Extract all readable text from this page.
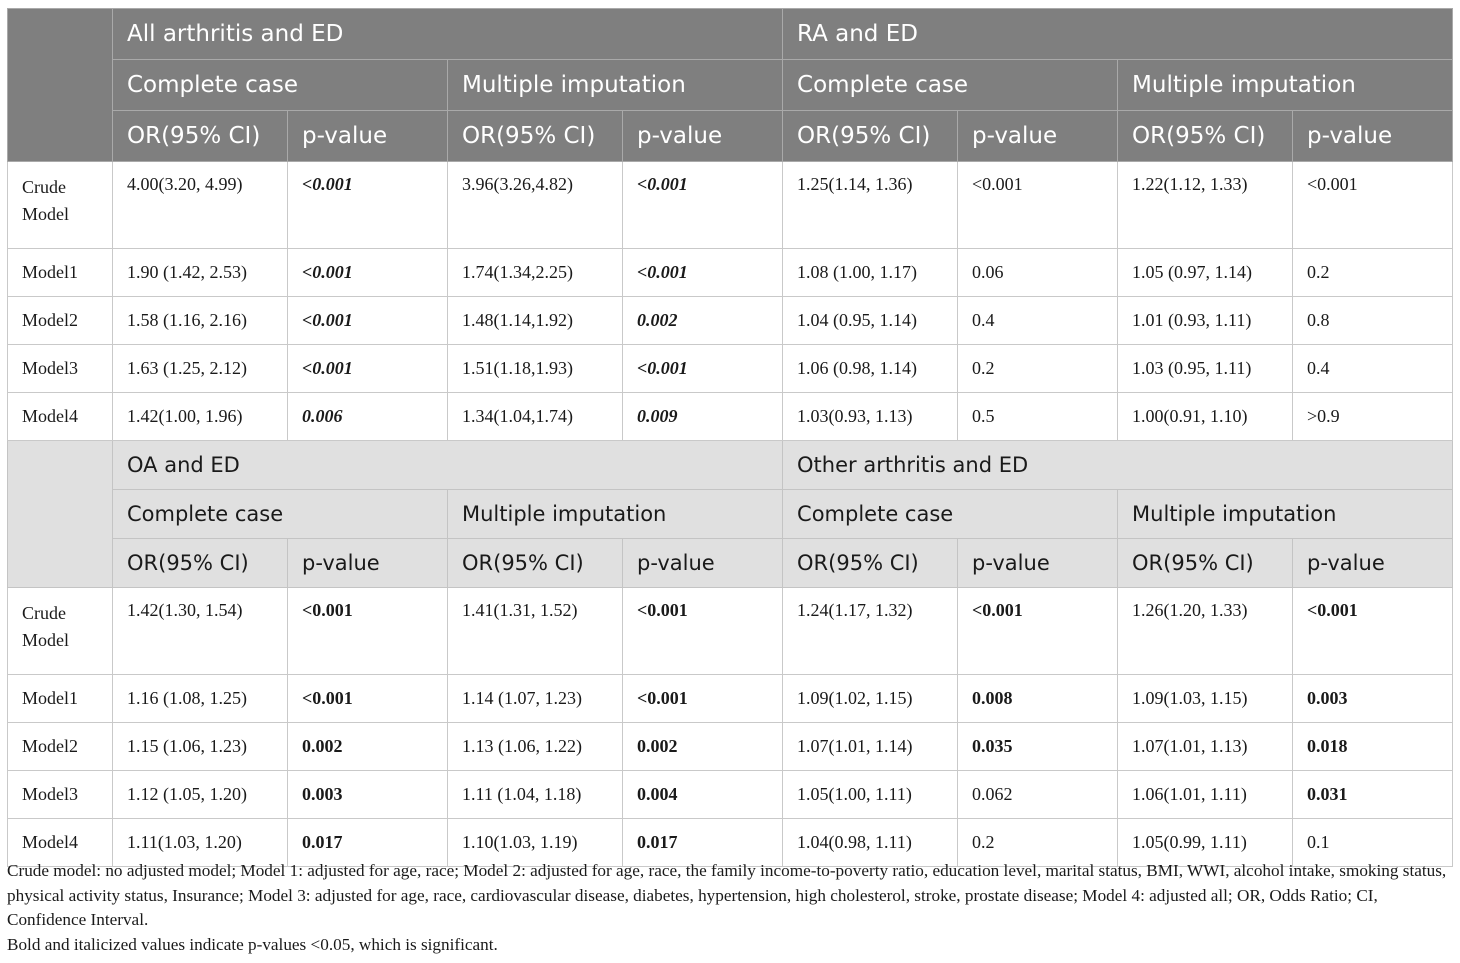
	All arthritis and ED				RA and ED			
	Complete case		Multiple imputation		Complete case		Multiple imputation	
	OR(95% CI)	p-value	OR(95% CI)	p-value	OR(95% CI)	p-value	OR(95% CI)	p-value
Crude Model	4.00(3.20, 4.99)	<0.001	3.96(3.26,4.82)	<0.001	1.25(1.14, 1.36)	<0.001	1.22(1.12, 1.33)	<0.001
Model1	1.90 (1.42, 2.53)	<0.001	1.74(1.34,2.25)	<0.001	1.08 (1.00, 1.17)	0.06	1.05 (0.97, 1.14)	0.2
Model2	1.58 (1.16, 2.16)	<0.001	1.48(1.14,1.92)	0.002	1.04 (0.95, 1.14)	0.4	1.01 (0.93, 1.11)	0.8
Model3	1.63 (1.25, 2.12)	<0.001	1.51(1.18,1.93)	<0.001	1.06 (0.98, 1.14)	0.2	1.03 (0.95, 1.11)	0.4
Model4	1.42(1.00, 1.96)	0.006	1.34(1.04,1.74)	0.009	1.03(0.93, 1.13)	0.5	1.00(0.91, 1.10)	>0.9
	OA and ED				Other arthritis and ED			
	Complete case		Multiple imputation		Complete case		Multiple imputation	
	OR(95% CI)	p-value	OR(95% CI)	p-value	OR(95% CI)	p-value	OR(95% CI)	p-value
Crude Model	1.42(1.30, 1.54)	<0.001	1.41(1.31, 1.52)	<0.001	1.24(1.17, 1.32)	<0.001	1.26(1.20, 1.33)	<0.001
Model1	1.16 (1.08, 1.25)	<0.001	1.14 (1.07, 1.23)	<0.001	1.09(1.02, 1.15)	0.008	1.09(1.03, 1.15)	0.003
Model2	1.15 (1.06, 1.23)	0.002	1.13 (1.06, 1.22)	0.002	1.07(1.01, 1.14)	0.035	1.07(1.01, 1.13)	0.018
Model3	1.12 (1.05, 1.20)	0.003	1.11 (1.04, 1.18)	0.004	1.05(1.00, 1.11)	0.062	1.06(1.01, 1.11)	0.031
Model4	1.11(1.03, 1.20)	0.017	1.10(1.03, 1.19)	0.017	1.04(0.98, 1.11)	0.2	1.05(0.99, 1.11)	0.1

Crude model: no adjusted model; Model 1: adjusted for age, race; Model 2: adjusted for age, race, the family income-to-poverty ratio, education level, marital status, BMI, WWI, alcohol intake, smoking status, physical activity status, Insurance; Model 3: adjusted for age, race, cardiovascular disease, diabetes, hypertension, high cholesterol, stroke, prostate disease; Model 4: adjusted all; OR, Odds Ratio; CI, Confidence Interval.

Bold and italicized values indicate p-values <0.05, which is significant.
